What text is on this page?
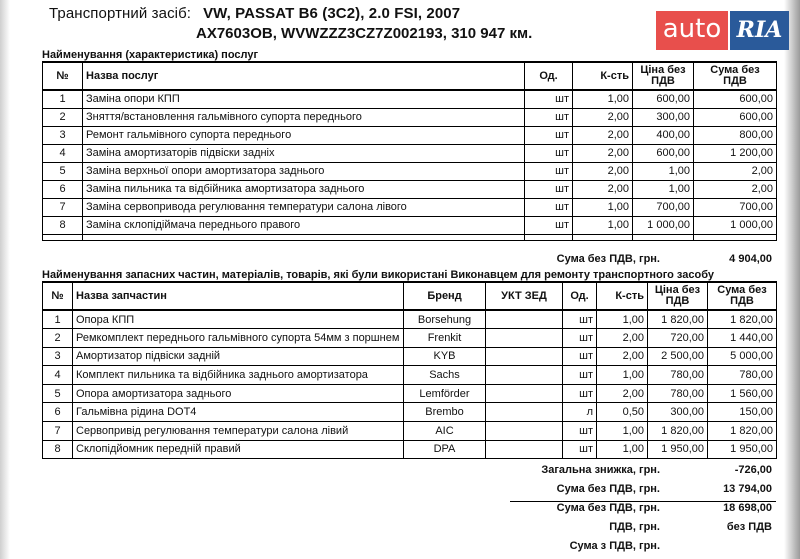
Транспортний засіб: VW, PASSAT B6 (3C2), 2.0 FSI, 2007
АХ7603ОВ, WVWZZZ3CZ7Z002193, 310 947 км.	auto RIA
Найменування (характеристика) послуг
№	Назва послуг	Од.	К-сть	Ціна без ПДВ	Сума без ПДВ
1	Заміна опори КПП	шт	1,00	600,00	600,00
2	Зняття/встановлення гальмівного супорта переднього	шт	2,00	300,00	600,00
3	Ремонт гальмівного супорта переднього	шт	2,00	400,00	800,00
4	Заміна амортизаторів підвіски задніх	шт	2,00	600,00	1 200,00
5	Заміна верхньої опори амортизатора заднього	шт	2,00	1,00	2,00
6	Заміна пильника та відбійника амортизатора заднього	шт	2,00	1,00	2,00
7	Заміна сервопривода регулювання температури салона лівого	шт	1,00	700,00	700,00
8	Заміна склопідіймача переднього правого	шт	1,00	1 000,00	1 000,00

Сума без ПДВ, грн.	4 904,00
Найменування запасних частин, матеріалів, товарів, які були використані Виконавцем для ремонту транспортного засобу
№	Назва запчастин	Бренд	УКТ ЗЕД	Од.	К-сть	Ціна без ПДВ	Сума без ПДВ
1	Опора КПП	Borsehung		шт	1,00	1 820,00	1 820,00
2	Ремкомплект переднього гальмівного супорта 54мм з поршнем	Frenkit		шт	2,00	720,00	1 440,00
3	Амортизатор підвіски задній	KYB		шт	2,00	2 500,00	5 000,00
4	Комплект пильника та відбійника заднього амортизатора	Sachs		шт	1,00	780,00	780,00
5	Опора амортизатора заднього	Lemförder		шт	2,00	780,00	1 560,00
6	Гальмівна рідина DOT4	Brembo		л	0,50	300,00	150,00
7	Сервопривід регулювання температури салона лівий	AIC		шт	1,00	1 820,00	1 820,00
8	Склопідйомник передній правий	DPA		шт	1,00	1 950,00	1 950,00
Загальна знижка, грн.	-726,00
Сума без ПДВ, грн.	13 794,00
Сума без ПДВ, грн.	18 698,00
ПДВ, грн.	без ПДВ
Сума з ПДВ, грн.
